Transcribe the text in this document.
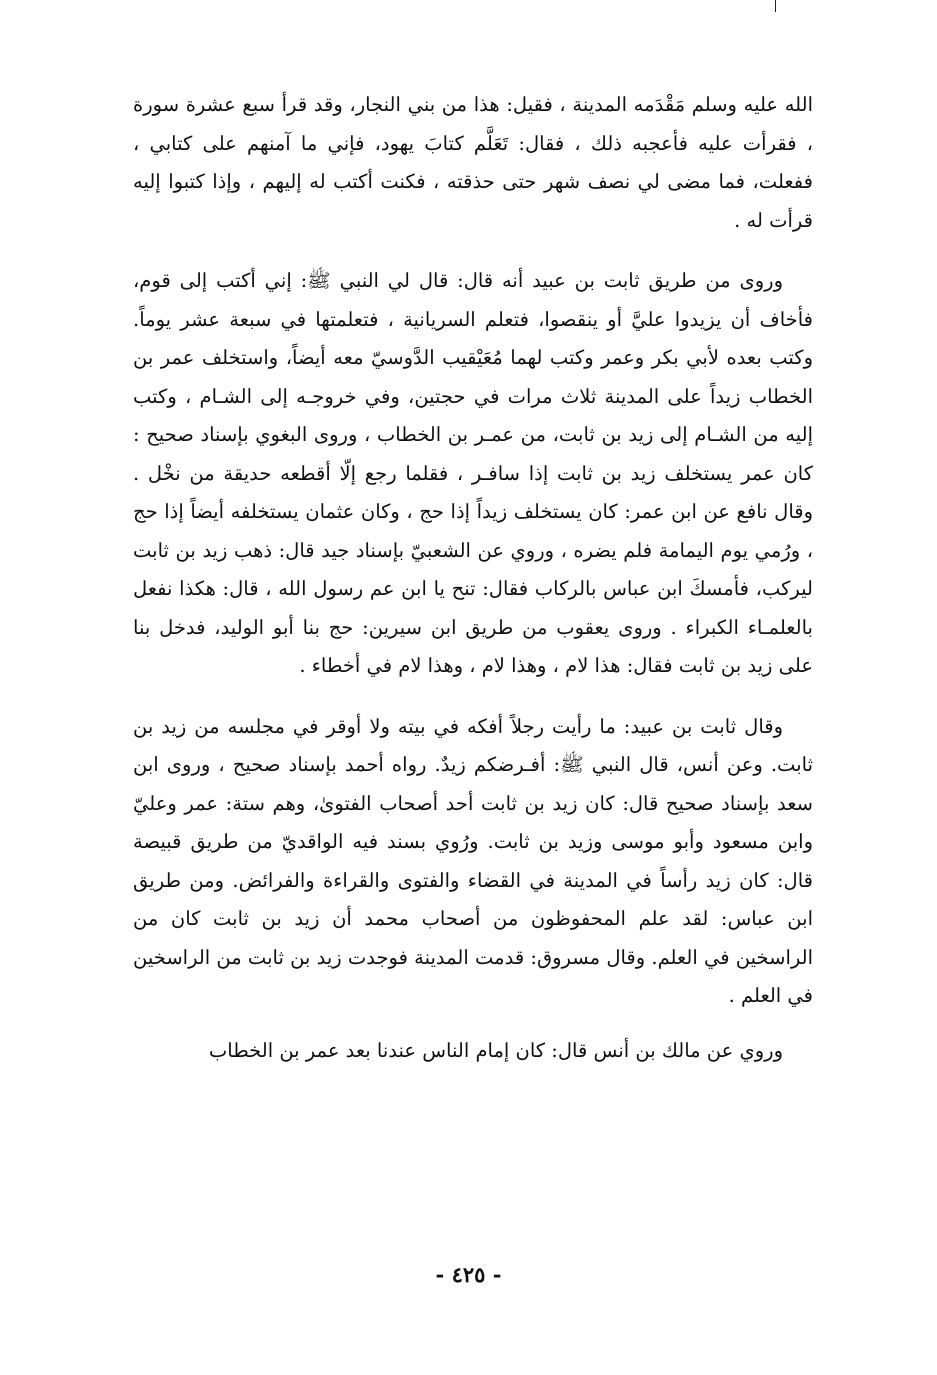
الله عليه وسلم مَقْدَمه المدينة ، فقيل: هذا من بني النجار، وقد قرأ سبع عشرة سورة ، فقرأت عليه فأعجبه ذلك ، فقال: تَعَلَّم كتابَ يهود، فإني ما آمنهم على كتابي ، ففعلت، فما مضى لي نصف شهر حتى حذقته ، فكنت أكتب له إليهم ، وإذا كتبوا إليه قرأت له .

وروى من طريق ثابت بن عبيد أنه قال: قال لي النبي ﷺ: إني أكتب إلى قوم، فأخاف أن يزيدوا عليَّ أو ينقصوا، فتعلم السريانية ، فتعلمتها في سبعة عشر يوماً. وكتب بعده لأبي بكر وعمر وكتب لهما مُعَيْقيب الدَّوسيّ معه أيضاً، واستخلف عمر بن الخطاب زيداً على المدينة ثلاث مرات في حجتين، وفي خروجـه إلى الشـام ، وكتب إليه من الشـام إلى زيد بن ثابت، من عمـر بن الخطاب ، وروى البغوي بإسناد صحيح : كان عمر يستخلف زيد بن ثابت إذا سافـر ، فقلما رجع إلّا أقطعه حديقة من نخْل . وقال نافع عن ابن عمر: كان يستخلف زيداً إذا حج ، وكان عثمان يستخلفه أيضاً إذا حج ، ورُمي يوم اليمامة فلم يضره ، وروي عن الشعبيّ بإسناد جيد قال: ذهب زيد بن ثابت ليركب، فأمسكَ ابن عباس بالركاب فقال: تنح يا ابن عم رسول الله ، قال: هكذا نفعل بالعلمـاء الكبراء . وروى يعقوب من طريق ابن سيرين: حج بنا أبو الوليد، فدخل بنا على زيد بن ثابت فقال: هذا لام ، وهذا لام ، وهذا لام في أخطاء .

وقال ثابت بن عبيد: ما رأيت رجلاً أفكه في بيته ولا أوقر في مجلسه من زيد بن ثابت. وعن أنس، قال النبي ﷺ: أفـرضكم زيدٌ. رواه أحمد بإسناد صحيح ، وروى ابن سعد بإسناد صحيح قال: كان زيد بن ثابت أحد أصحاب الفتوىٰ، وهم ستة: عمر وعليّ وابن مسعود وأبو موسى وزيد بن ثابت. ورُوي بسند فيه الواقديّ من طريق قبيصة قال: كان زيد رأساً في المدينة في القضاء والفتوى والقراءة والفرائض. ومن طريق ابن عباس: لقد علم المحفوظون من أصحاب محمد أن زيد بن ثابت كان من الراسخين في العلم. وقال مسروق: قدمت المدينة فوجدت زيد بن ثابت من الراسخين في العلم .

وروي عن مالك بن أنس قال: كان إمام الناس عندنا بعد عمر بن الخطاب

- ٤٢٥ -
